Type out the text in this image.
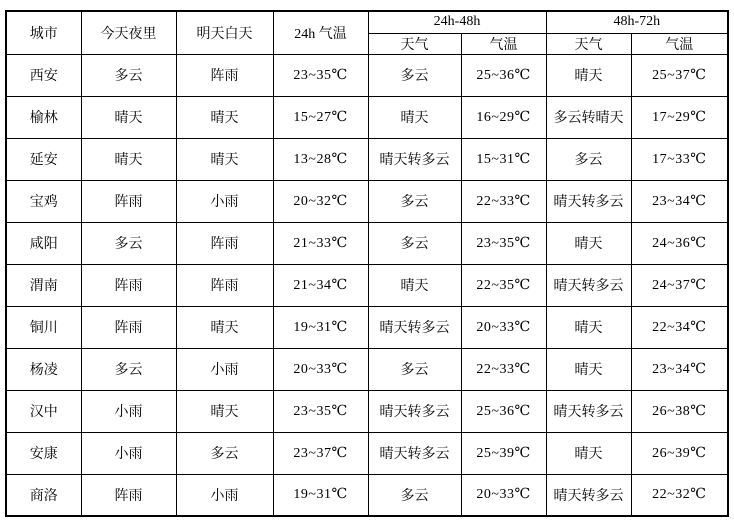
城市	今天夜里	明天白天	24h 气温	24h-48h		48h-72h	
				天气	气温	天气	气温
西安	多云	阵雨	23~35℃	多云	25~36℃	晴天	25~37℃
榆林	晴天	晴天	15~27℃	晴天	16~29℃	多云转晴天	17~29℃
延安	晴天	晴天	13~28℃	晴天转多云	15~31℃	多云	17~33℃
宝鸡	阵雨	小雨	20~32℃	多云	22~33℃	晴天转多云	23~34℃
咸阳	多云	阵雨	21~33℃	多云	23~35℃	晴天	24~36℃
渭南	阵雨	阵雨	21~34℃	晴天	22~35℃	晴天转多云	24~37℃
铜川	阵雨	晴天	19~31℃	晴天转多云	20~33℃	晴天	22~34℃
杨凌	多云	小雨	20~33℃	多云	22~33℃	晴天	23~34℃
汉中	小雨	晴天	23~35℃	晴天转多云	25~36℃	晴天转多云	26~38℃
安康	小雨	多云	23~37℃	晴天转多云	25~39℃	晴天	26~39℃
商洛	阵雨	小雨	19~31℃	多云	20~33℃	晴天转多云	22~32℃
